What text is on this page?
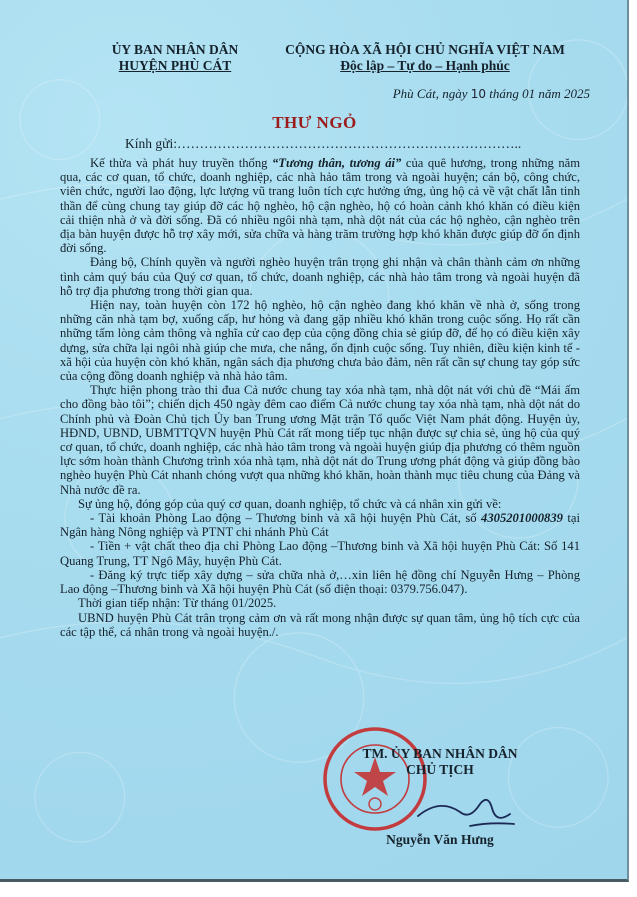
ỦY BAN NHÂN DÂN
HUYỆN PHÙ CÁT
CỘNG HÒA XÃ HỘI CHỦ NGHĨA VIỆT NAM
Độc lập – Tự do – Hạnh phúc
Phù Cát, ngày 10 tháng 01 năm 2025
THƯ NGỎ
Kính gửi:…………………………………………………………………..

Kế thừa và phát huy truyền thống “Tương thân, tương ái” của quê hương, trong những năm qua, các cơ quan, tổ chức, doanh nghiệp, các nhà hảo tâm trong và ngoài huyện; cán bộ, công chức, viên chức, người lao động, lực lượng vũ trang luôn tích cực hưởng ứng, ủng hộ cả về vật chất lẫn tinh thần để cùng chung tay giúp đỡ các hộ nghèo, hộ cận nghèo, hộ có hoàn cảnh khó khăn có điều kiện cải thiện nhà ở và đời sống. Đã có nhiều ngôi nhà tạm, nhà dột nát của các hộ nghèo, cận nghèo trên địa bàn huyện được hỗ trợ xây mới, sửa chữa và hàng trăm trường hợp khó khăn được giúp đỡ ổn định đời sống.

Đảng bộ, Chính quyền và người nghèo huyện trân trọng ghi nhận và chân thành cảm ơn những tình cảm quý báu của Quý cơ quan, tổ chức, doanh nghiệp, các nhà hảo tâm trong và ngoài huyện đã hỗ trợ địa phương trong thời gian qua.

Hiện nay, toàn huyện còn 172 hộ nghèo, hộ cận nghèo đang khó khăn về nhà ở, sống trong những căn nhà tạm bợ, xuống cấp, hư hỏng và đang gặp nhiều khó khăn trong cuộc sống. Họ rất cần những tấm lòng cảm thông và nghĩa cử cao đẹp của cộng đồng chia sẻ giúp đỡ, để họ có điều kiện xây dựng, sửa chữa lại ngôi nhà giúp che mưa, che nắng, ổn định cuộc sống. Tuy nhiên, điều kiện kinh tế - xã hội của huyện còn khó khăn, ngân sách địa phương chưa bảo đảm, nên rất cần sự chung tay góp sức của cộng đồng doanh nghiệp và nhà hảo tâm.

Thực hiện phong trào thi đua Cả nước chung tay xóa nhà tạm, nhà dột nát với chủ đề “Mái ấm cho đồng bào tôi”; chiến dịch 450 ngày đêm cao điểm Cả nước chung tay xóa nhà tạm, nhà dột nát do Chính phủ và Đoàn Chủ tịch Ủy ban Trung ương Mặt trận Tổ quốc Việt Nam phát động. Huyện ủy, HĐND, UBND, UBMTTQVN huyện Phù Cát rất mong tiếp tục nhận được sự chia sẻ, ủng hộ của quý cơ quan, tổ chức, doanh nghiệp, các nhà hảo tâm trong và ngoài huyện giúp địa phương có thêm nguồn lực sớm hoàn thành Chương trình xóa nhà tạm, nhà dột nát do Trung ương phát động và giúp đồng bào nghèo huyện Phù Cát nhanh chóng vượt qua những khó khăn, hoàn thành mục tiêu chung của Đảng và Nhà nước đề ra.

Sự ủng hộ, đóng góp của quý cơ quan, doanh nghiệp, tổ chức và cá nhân xin gửi về:

- Tài khoản Phòng Lao động – Thương binh và xã hội huyện Phù Cát, số 4305201000839 tại Ngân hàng Nông nghiệp và PTNT chi nhánh Phù Cát

- Tiền + vật chất theo địa chỉ Phòng Lao động –Thương binh và Xã hội huyện Phù Cát: Số 141 Quang Trung, TT Ngô Mây, huyện Phù Cát.

- Đăng ký trực tiếp xây dựng – sửa chữa nhà ở,…xin liên hệ đồng chí Nguyễn Hưng – Phòng Lao động –Thương binh và Xã hội huyện Phù Cát (số điện thoại: 0379.756.047).

Thời gian tiếp nhận: Từ tháng 01/2025.

UBND huyện Phù Cát trân trọng cảm ơn và rất mong nhận được sự quan tâm, ủng hộ tích cực của các tập thể, cá nhân trong và ngoài huyện./.

TM. ỦY BAN NHÂN DÂN
CHỦ TỊCH
Nguyễn Văn Hưng
